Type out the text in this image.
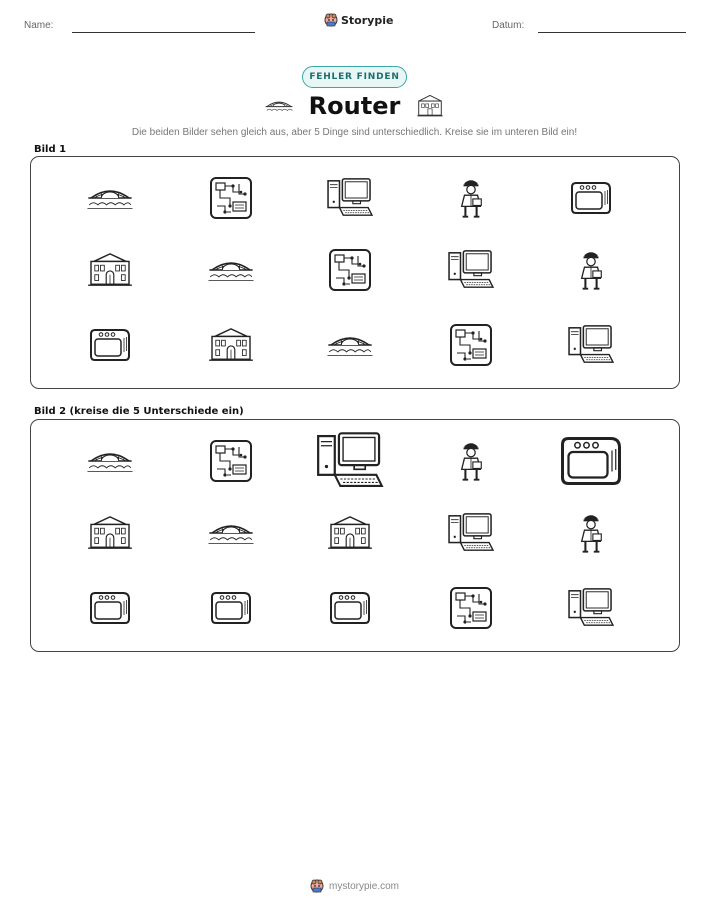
Name:	Storypie	Datum:
FEHLER FINDEN
Router

Die beiden Bilder sehen gleich aus, aber 5 Dinge sind unterschiedlich. Kreise sie im unteren Bild ein!

Bild 1
Bild 2 (kreise die 5 Unterschiede ein)
mystorypie.com
